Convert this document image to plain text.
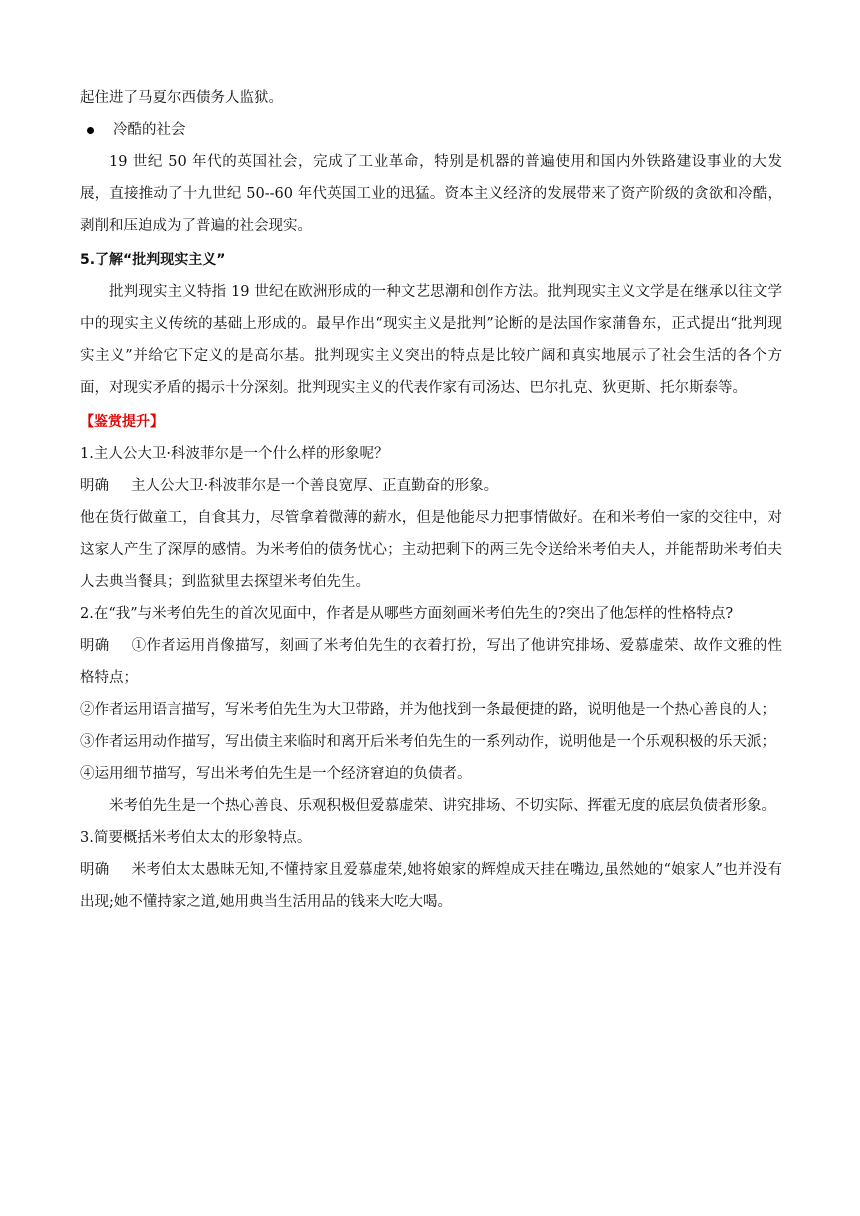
起住进了马夏尔西债务人监狱。

冷酷的社会

19 世纪 50 年代的英国社会，完成了工业革命，特别是机器的普遍使用和国内外铁路建设事业的大发展，直接推动了十九世纪 50--60 年代英国工业的迅猛。资本主义经济的发展带来了资产阶级的贪欲和冷酷，剥削和压迫成为了普遍的社会现实。

5.了解“批判现实主义”

批判现实主义特指 19 世纪在欧洲形成的一种文艺思潮和创作方法。批判现实主义文学是在继承以往文学中的现实主义传统的基础上形成的。最早作出“现实主义是批判”论断的是法国作家蒲鲁东，正式提出“批判现实主义”并给它下定义的是高尔基。批判现实主义突出的特点是比较广阔和真实地展示了社会生活的各个方面，对现实矛盾的揭示十分深刻。批判现实主义的代表作家有司汤达、巴尔扎克、狄更斯、托尔斯泰等。

【鉴赏提升】

1.主人公大卫·科波菲尔是一个什么样的形象呢？

明确 主人公大卫·科波菲尔是一个善良宽厚、正直勤奋的形象。

他在货行做童工，自食其力，尽管拿着微薄的薪水，但是他能尽力把事情做好。在和米考伯一家的交往中，对这家人产生了深厚的感情。为米考伯的债务忧心；主动把剩下的两三先令送给米考伯夫人，并能帮助米考伯夫人去典当餐具；到监狱里去探望米考伯先生。

2.在“我”与米考伯先生的首次见面中，作者是从哪些方面刻画米考伯先生的?突出了他怎样的性格特点?

明确 ①作者运用肖像描写，刻画了米考伯先生的衣着打扮，写出了他讲究排场、爱慕虚荣、故作文雅的性格特点；

②作者运用语言描写，写米考伯先生为大卫带路，并为他找到一条最便捷的路，说明他是一个热心善良的人；

③作者运用动作描写，写出债主来临时和离开后米考伯先生的一系列动作，说明他是一个乐观积极的乐天派；

④运用细节描写，写出米考伯先生是一个经济窘迫的负债者。

米考伯先生是一个热心善良、乐观积极但爱慕虚荣、讲究排场、不切实际、挥霍无度的底层负债者形象。

3.简要概括米考伯太太的形象特点。

明确 米考伯太太愚昧无知,不懂持家且爱慕虚荣,她将娘家的辉煌成天挂在嘴边,虽然她的“娘家人”也并没有出现;她不懂持家之道,她用典当生活用品的钱来大吃大喝。
